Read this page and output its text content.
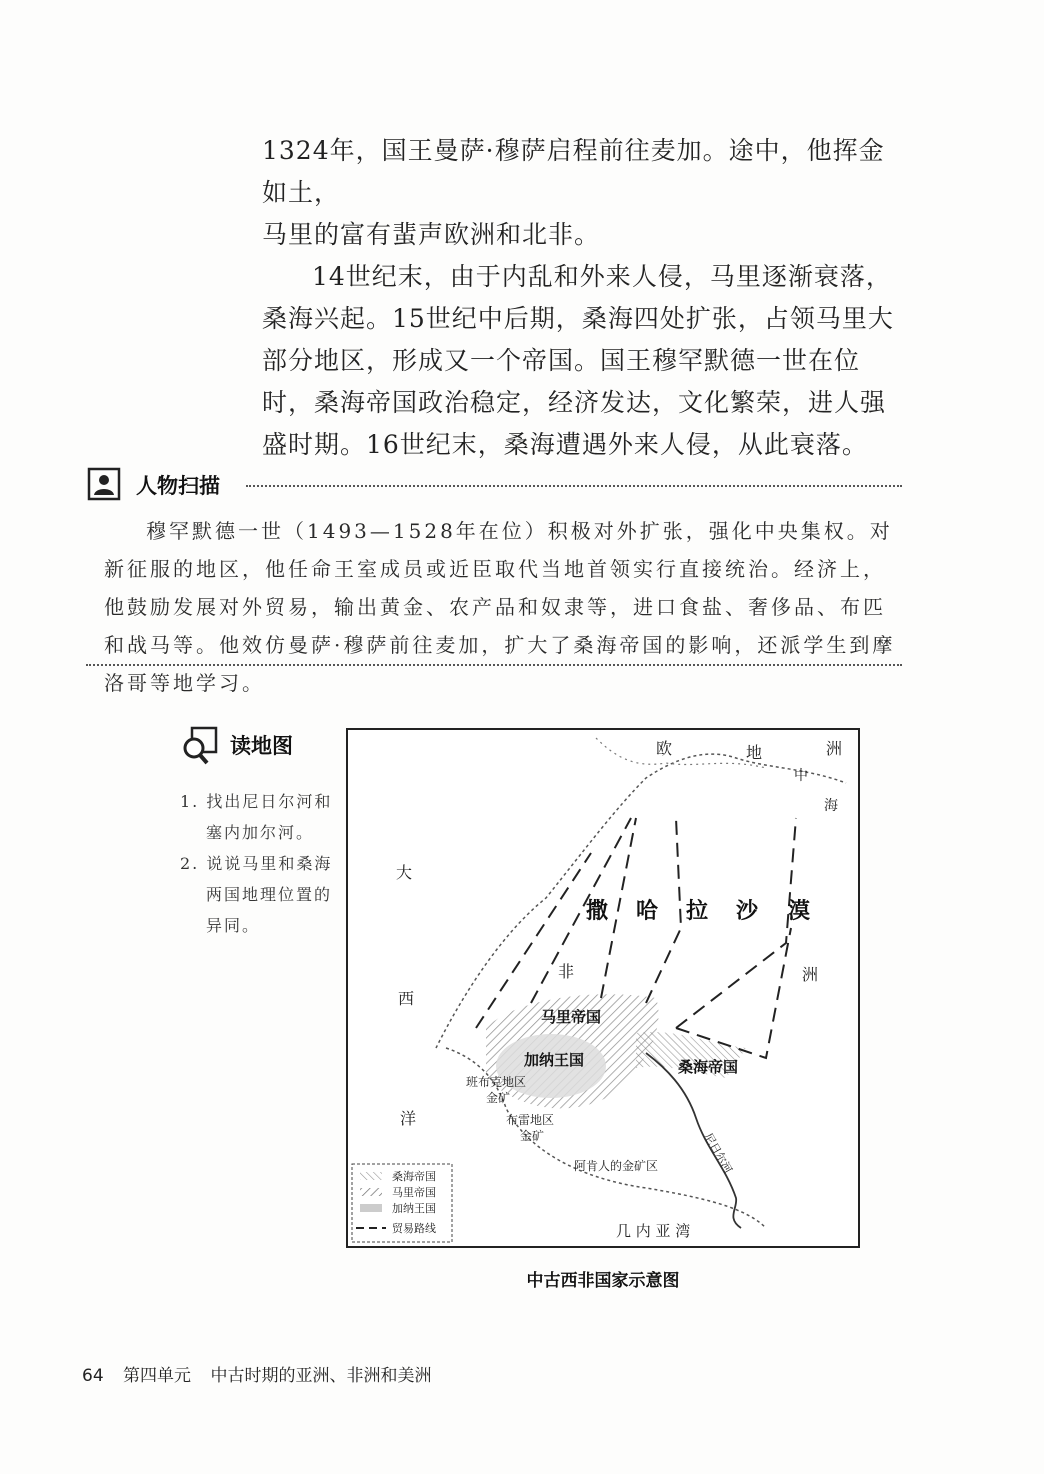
1324年，国王曼萨·穆萨启程前往麦加。途中，他挥金如土，

马里的富有蜚声欧洲和北非。

14世纪末，由于内乱和外来人侵，马里逐渐衰落，桑海兴起。15世纪中后期，桑海四处扩张，占领马里大部分地区，形成又一个帝国。国王穆罕默德一世在位时，桑海帝国政治稳定，经济发达，文化繁荣，进人强盛时期。16世纪末，桑海遭遇外来人侵，从此衰落。

人物扫描

穆罕默德一世（1493—1528年在位）积极对外扩张，强化中央集权。对新征服的地区，他任命王室成员或近臣取代当地首领实行直接统治。经济上，他鼓励发展对外贸易，输出黄金、农产品和奴隶等，进口食盐、奢侈品、布匹和战马等。他效仿曼萨·穆萨前往麦加，扩大了桑海帝国的影响，还派学生到摩洛哥等地学习。

读地图
1. 找出尼日尔河和塞内加尔河。
2. 说说马里和桑海两国地理位置的异同。
欧	地	洲
中
海
大
西
洋
非	洲
撒 哈 拉 沙 漠
马里帝国
加纳王国	桑海帝国
班布克地区
金矿
布雷地区
金矿
阿肯人的金矿区
几 内 亚 湾
尼日尔河
桑海帝国
马里帝国
加纳王国
贸易路线
中古西非国家示意图
64 第四单元 中古时期的亚洲、非洲和美洲
